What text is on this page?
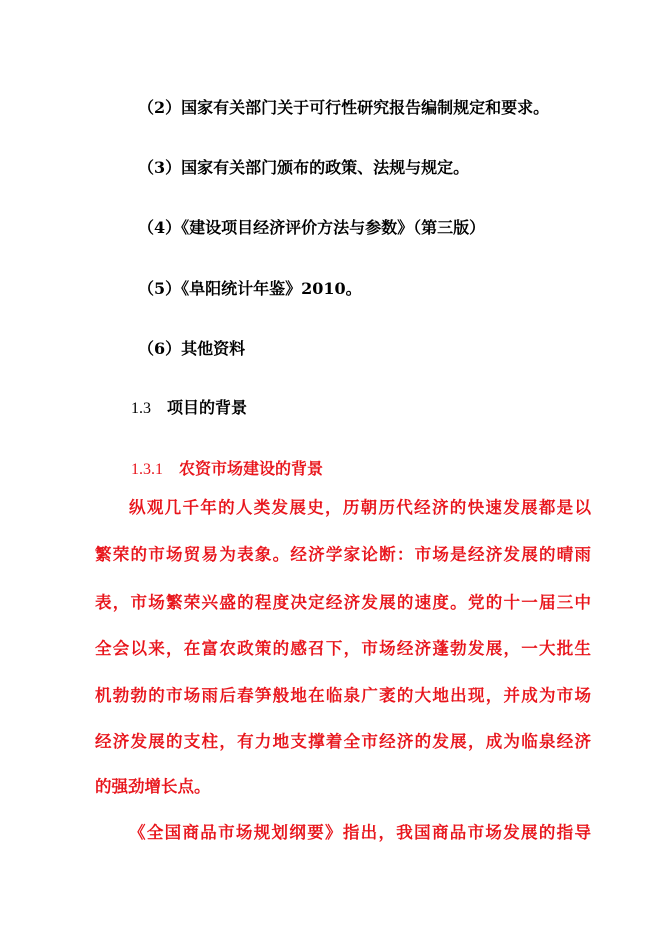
（2）国家有关部门关于可行性研究报告编制规定和要求。
（3）国家有关部门颁布的政策、法规与规定。
（4）《建设项目经济评价方法与参数》（第三版）
（5）《阜阳统计年鉴》2010。
（6）其他资料
1.3 项目的背景
1.3.1 农资市场建设的背景
纵观几千年的人类发展史，历朝历代经济的快速发展都是以
繁荣的市场贸易为表象。经济学家论断：市场是经济发展的晴雨
表，市场繁荣兴盛的程度决定经济发展的速度。党的十一届三中
全会以来，在富农政策的感召下，市场经济蓬勃发展，一大批生
机勃勃的市场雨后春笋般地在临泉广袤的大地出现，并成为市场
经济发展的支柱，有力地支撑着全市经济的发展，成为临泉经济
的强劲增长点。
《全国商品市场规划纲要》指出，我国商品市场发展的指导
